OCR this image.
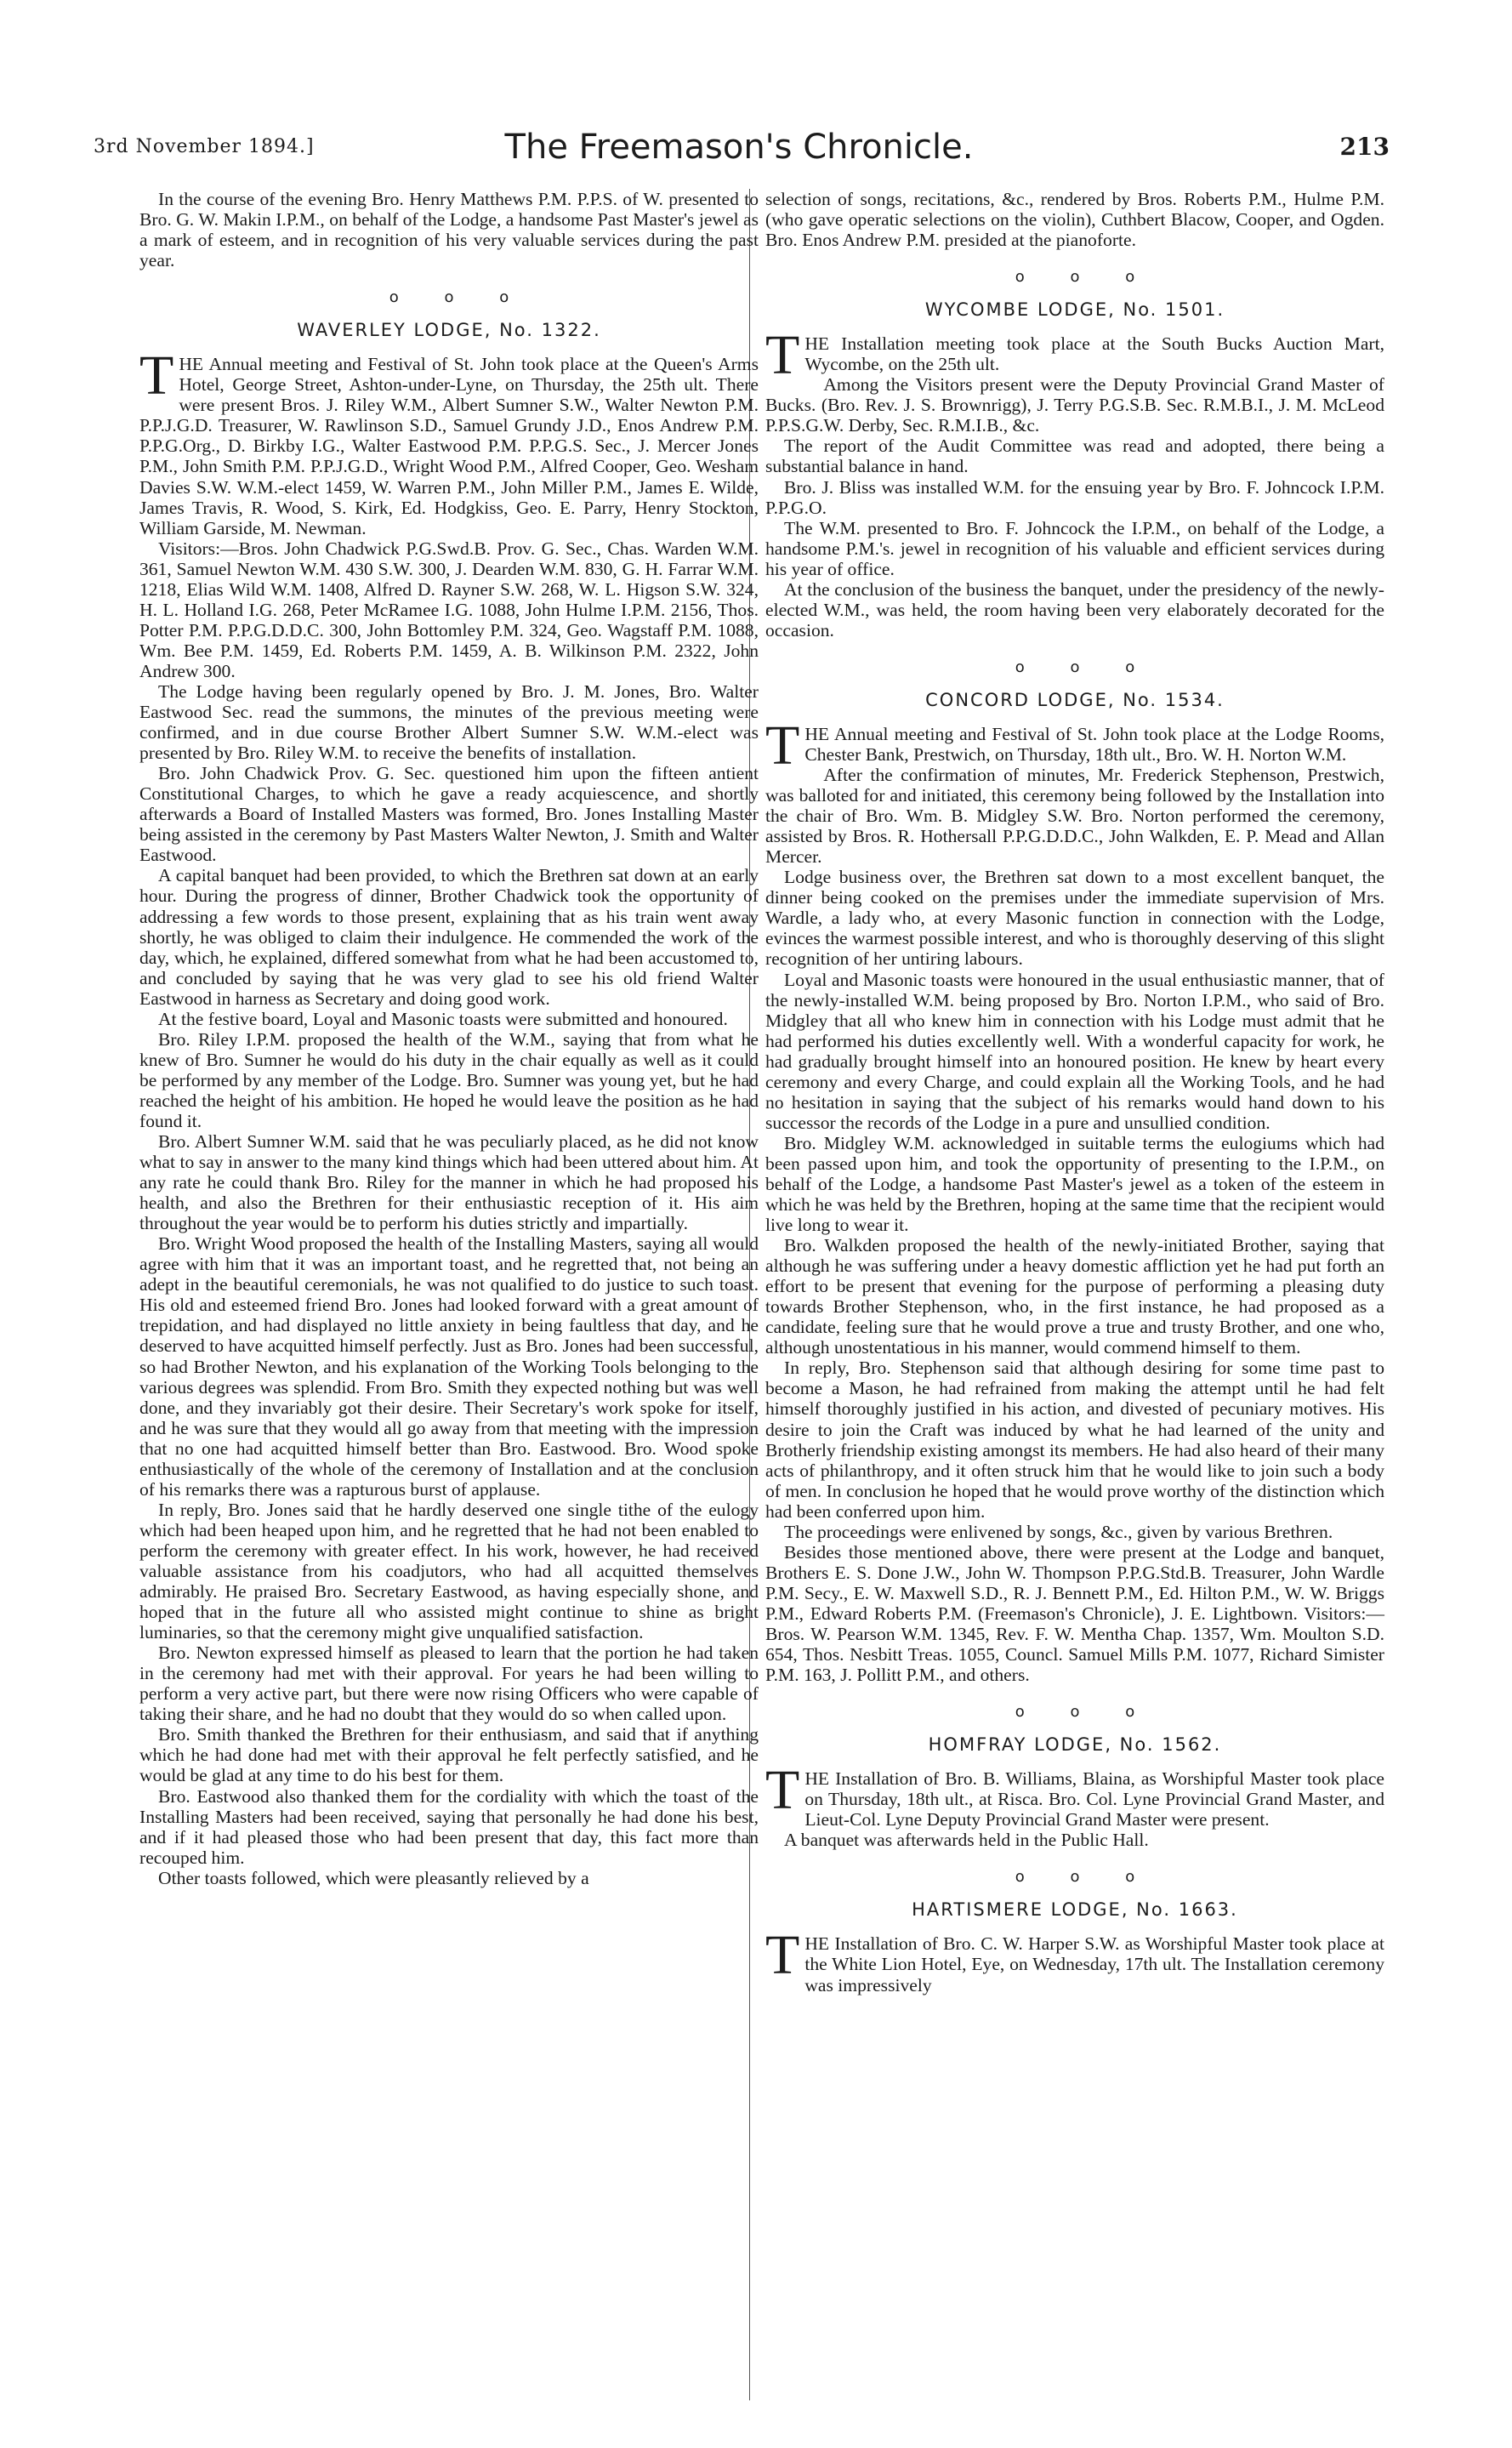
3rd November 1894.]	The Freemason's Chronicle.	213

In the course of the evening Bro. Henry Matthews P.M. P.P.S. of W. presented to Bro. G. W. Makin I.P.M., on behalf of the Lodge, a handsome Past Master's jewel as a mark of esteem, and in recognition of his very valuable services during the past year.

o o o
WAVERLEY LODGE, No. 1322.

THE Annual meeting and Festival of St. John took place at the Queen's Arms Hotel, George Street, Ashton-under-Lyne, on Thursday, the 25th ult. There were present Bros. J. Riley W.M., Albert Sumner S.W., Walter Newton P.M. P.P.J.G.D. Treasurer, W. Rawlinson S.D., Samuel Grundy J.D., Enos Andrew P.M. P.P.G.Org., D. Birkby I.G., Walter Eastwood P.M. P.P.G.S. Sec., J. Mercer Jones P.M., John Smith P.M. P.P.J.G.D., Wright Wood P.M., Alfred Cooper, Geo. Wesham Davies S.W. W.M.-elect 1459, W. Warren P.M., John Miller P.M., James E. Wilde, James Travis, R. Wood, S. Kirk, Ed. Hodgkiss, Geo. E. Parry, Henry Stockton, William Garside, M. Newman.

Visitors:—Bros. John Chadwick P.G.Swd.B. Prov. G. Sec., Chas. Warden W.M. 361, Samuel Newton W.M. 430 S.W. 300, J. Dearden W.M. 830, G. H. Farrar W.M. 1218, Elias Wild W.M. 1408, Alfred D. Rayner S.W. 268, W. L. Higson S.W. 324, H. L. Holland I.G. 268, Peter McRamee I.G. 1088, John Hulme I.P.M. 2156, Thos. Potter P.M. P.P.G.D.D.C. 300, John Bottomley P.M. 324, Geo. Wagstaff P.M. 1088, Wm. Bee P.M. 1459, Ed. Roberts P.M. 1459, A. B. Wilkinson P.M. 2322, John Andrew 300.

The Lodge having been regularly opened by Bro. J. M. Jones, Bro. Walter Eastwood Sec. read the summons, the minutes of the previous meeting were confirmed, and in due course Brother Albert Sumner S.W. W.M.-elect was presented by Bro. Riley W.M. to receive the benefits of installation.

Bro. John Chadwick Prov. G. Sec. questioned him upon the fifteen antient Constitutional Charges, to which he gave a ready acquiescence, and shortly afterwards a Board of Installed Masters was formed, Bro. Jones Installing Master being assisted in the ceremony by Past Masters Walter Newton, J. Smith and Walter Eastwood.

A capital banquet had been provided, to which the Brethren sat down at an early hour. During the progress of dinner, Brother Chadwick took the opportunity of addressing a few words to those present, explaining that as his train went away shortly, he was obliged to claim their indulgence. He commended the work of the day, which, he explained, differed somewhat from what he had been accustomed to, and concluded by saying that he was very glad to see his old friend Walter Eastwood in harness as Secretary and doing good work.

At the festive board, Loyal and Masonic toasts were submitted and honoured.

Bro. Riley I.P.M. proposed the health of the W.M., saying that from what he knew of Bro. Sumner he would do his duty in the chair equally as well as it could be performed by any member of the Lodge. Bro. Sumner was young yet, but he had reached the height of his ambition. He hoped he would leave the position as he had found it.

Bro. Albert Sumner W.M. said that he was peculiarly placed, as he did not know what to say in answer to the many kind things which had been uttered about him. At any rate he could thank Bro. Riley for the manner in which he had proposed his health, and also the Brethren for their enthusiastic reception of it. His aim throughout the year would be to perform his duties strictly and impartially.

Bro. Wright Wood proposed the health of the Installing Masters, saying all would agree with him that it was an important toast, and he regretted that, not being an adept in the beautiful ceremonials, he was not qualified to do justice to such toast. His old and esteemed friend Bro. Jones had looked forward with a great amount of trepidation, and had displayed no little anxiety in being faultless that day, and he deserved to have acquitted himself perfectly. Just as Bro. Jones had been successful, so had Brother Newton, and his explanation of the Working Tools belonging to the various degrees was splendid. From Bro. Smith they expected nothing but was well done, and they invariably got their desire. Their Secretary's work spoke for itself, and he was sure that they would all go away from that meeting with the impression that no one had acquitted himself better than Bro. Eastwood. Bro. Wood spoke enthusiastically of the whole of the ceremony of Installation and at the conclusion of his remarks there was a rapturous burst of applause.

In reply, Bro. Jones said that he hardly deserved one single tithe of the eulogy which had been heaped upon him, and he regretted that he had not been enabled to perform the ceremony with greater effect. In his work, however, he had received valuable assistance from his coadjutors, who had all acquitted themselves admirably. He praised Bro. Secretary Eastwood, as having especially shone, and hoped that in the future all who assisted might continue to shine as bright luminaries, so that the ceremony might give unqualified satisfaction.

Bro. Newton expressed himself as pleased to learn that the portion he had taken in the ceremony had met with their approval. For years he had been willing to perform a very active part, but there were now rising Officers who were capable of taking their share, and he had no doubt that they would do so when called upon.

Bro. Smith thanked the Brethren for their enthusiasm, and said that if anything which he had done had met with their approval he felt perfectly satisfied, and he would be glad at any time to do his best for them.

Bro. Eastwood also thanked them for the cordiality with which the toast of the Installing Masters had been received, saying that personally he had done his best, and if it had pleased those who had been present that day, this fact more than recouped him.

Other toasts followed, which were pleasantly relieved by a

selection of songs, recitations, &c., rendered by Bros. Roberts P.M., Hulme P.M. (who gave operatic selections on the violin), Cuthbert Blacow, Cooper, and Ogden. Bro. Enos Andrew P.M. presided at the pianoforte.

o o o
WYCOMBE LODGE, No. 1501.

THE Installation meeting took place at the South Bucks Auction Mart, Wycombe, on the 25th ult.

Among the Visitors present were the Deputy Provincial Grand Master of Bucks. (Bro. Rev. J. S. Brownrigg), J. Terry P.G.S.B. Sec. R.M.B.I., J. M. McLeod P.P.S.G.W. Derby, Sec. R.M.I.B., &c.

The report of the Audit Committee was read and adopted, there being a substantial balance in hand.

Bro. J. Bliss was installed W.M. for the ensuing year by Bro. F. Johncock I.P.M. P.P.G.O.

The W.M. presented to Bro. F. Johncock the I.P.M., on behalf of the Lodge, a handsome P.M.'s. jewel in recognition of his valuable and efficient services during his year of office.

At the conclusion of the business the banquet, under the presidency of the newly-elected W.M., was held, the room having been very elaborately decorated for the occasion.

o o o
CONCORD LODGE, No. 1534.

THE Annual meeting and Festival of St. John took place at the Lodge Rooms, Chester Bank, Prestwich, on Thursday, 18th ult., Bro. W. H. Norton W.M.

After the confirmation of minutes, Mr. Frederick Stephenson, Prestwich, was balloted for and initiated, this ceremony being followed by the Installation into the chair of Bro. Wm. B. Midgley S.W. Bro. Norton performed the ceremony, assisted by Bros. R. Hothersall P.P.G.D.D.C., John Walkden, E. P. Mead and Allan Mercer.

Lodge business over, the Brethren sat down to a most excellent banquet, the dinner being cooked on the premises under the immediate supervision of Mrs. Wardle, a lady who, at every Masonic function in connection with the Lodge, evinces the warmest possible interest, and who is thoroughly deserving of this slight recognition of her untiring labours.

Loyal and Masonic toasts were honoured in the usual enthusiastic manner, that of the newly-installed W.M. being proposed by Bro. Norton I.P.M., who said of Bro. Midgley that all who knew him in connection with his Lodge must admit that he had performed his duties excellently well. With a wonderful capacity for work, he had gradually brought himself into an honoured position. He knew by heart every ceremony and every Charge, and could explain all the Working Tools, and he had no hesitation in saying that the subject of his remarks would hand down to his successor the records of the Lodge in a pure and unsullied condition.

Bro. Midgley W.M. acknowledged in suitable terms the eulogiums which had been passed upon him, and took the opportunity of presenting to the I.P.M., on behalf of the Lodge, a handsome Past Master's jewel as a token of the esteem in which he was held by the Brethren, hoping at the same time that the recipient would live long to wear it.

Bro. Walkden proposed the health of the newly-initiated Brother, saying that although he was suffering under a heavy domestic affliction yet he had put forth an effort to be present that evening for the purpose of performing a pleasing duty towards Brother Stephenson, who, in the first instance, he had proposed as a candidate, feeling sure that he would prove a true and trusty Brother, and one who, although unostentatious in his manner, would commend himself to them.

In reply, Bro. Stephenson said that although desiring for some time past to become a Mason, he had refrained from making the attempt until he had felt himself thoroughly justified in his action, and divested of pecuniary motives. His desire to join the Craft was induced by what he had learned of the unity and Brotherly friendship existing amongst its members. He had also heard of their many acts of philanthropy, and it often struck him that he would like to join such a body of men. In conclusion he hoped that he would prove worthy of the distinction which had been conferred upon him.

The proceedings were enlivened by songs, &c., given by various Brethren.

Besides those mentioned above, there were present at the Lodge and banquet, Brothers E. S. Done J.W., John W. Thompson P.P.G.Std.B. Treasurer, John Wardle P.M. Secy., E. W. Maxwell S.D., R. J. Bennett P.M., Ed. Hilton P.M., W. W. Briggs P.M., Edward Roberts P.M. (Freemason's Chronicle), J. E. Lightbown. Visitors:—Bros. W. Pearson W.M. 1345, Rev. F. W. Mentha Chap. 1357, Wm. Moulton S.D. 654, Thos. Nesbitt Treas. 1055, Councl. Samuel Mills P.M. 1077, Richard Simister P.M. 163, J. Pollitt P.M., and others.

o o o
HOMFRAY LODGE, No. 1562.

THE Installation of Bro. B. Williams, Blaina, as Worshipful Master took place on Thursday, 18th ult., at Risca. Bro. Col. Lyne Provincial Grand Master, and Lieut-Col. Lyne Deputy Provincial Grand Master were present.

A banquet was afterwards held in the Public Hall.

o o o
HARTISMERE LODGE, No. 1663.

THE Installation of Bro. C. W. Harper S.W. as Worshipful Master took place at the White Lion Hotel, Eye, on Wednesday, 17th ult. The Installation ceremony was impressively
